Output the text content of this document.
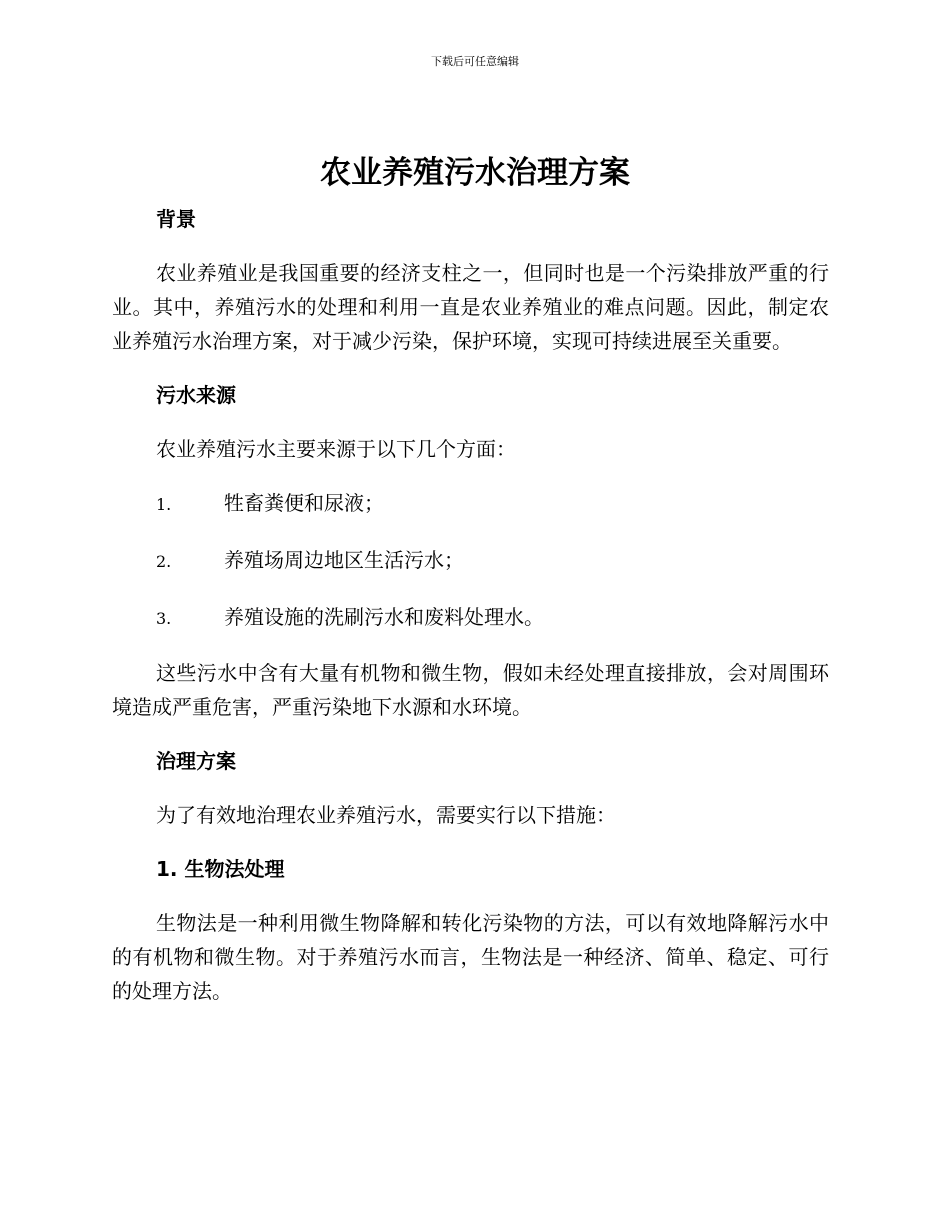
下载后可任意编辑
农业养殖污水治理方案

背景

农业养殖业是我国重要的经济支柱之一，但同时也是一个污染排放严重的行业。其中，养殖污水的处理和利用一直是农业养殖业的难点问题。因此，制定农业养殖污水治理方案，对于减少污染，保护环境，实现可持续进展至关重要。

污水来源

农业养殖污水主要来源于以下几个方面：

1.	牲畜粪便和尿液；
2.	养殖场周边地区生活污水；
3.	养殖设施的洗刷污水和废料处理水。

这些污水中含有大量有机物和微生物，假如未经处理直接排放，会对周围环境造成严重危害，严重污染地下水源和水环境。

治理方案

为了有效地治理农业养殖污水，需要实行以下措施：

1. 生物法处理

生物法是一种利用微生物降解和转化污染物的方法，可以有效地降解污水中的有机物和微生物。对于养殖污水而言，生物法是一种经济、简单、稳定、可行的处理方法。
